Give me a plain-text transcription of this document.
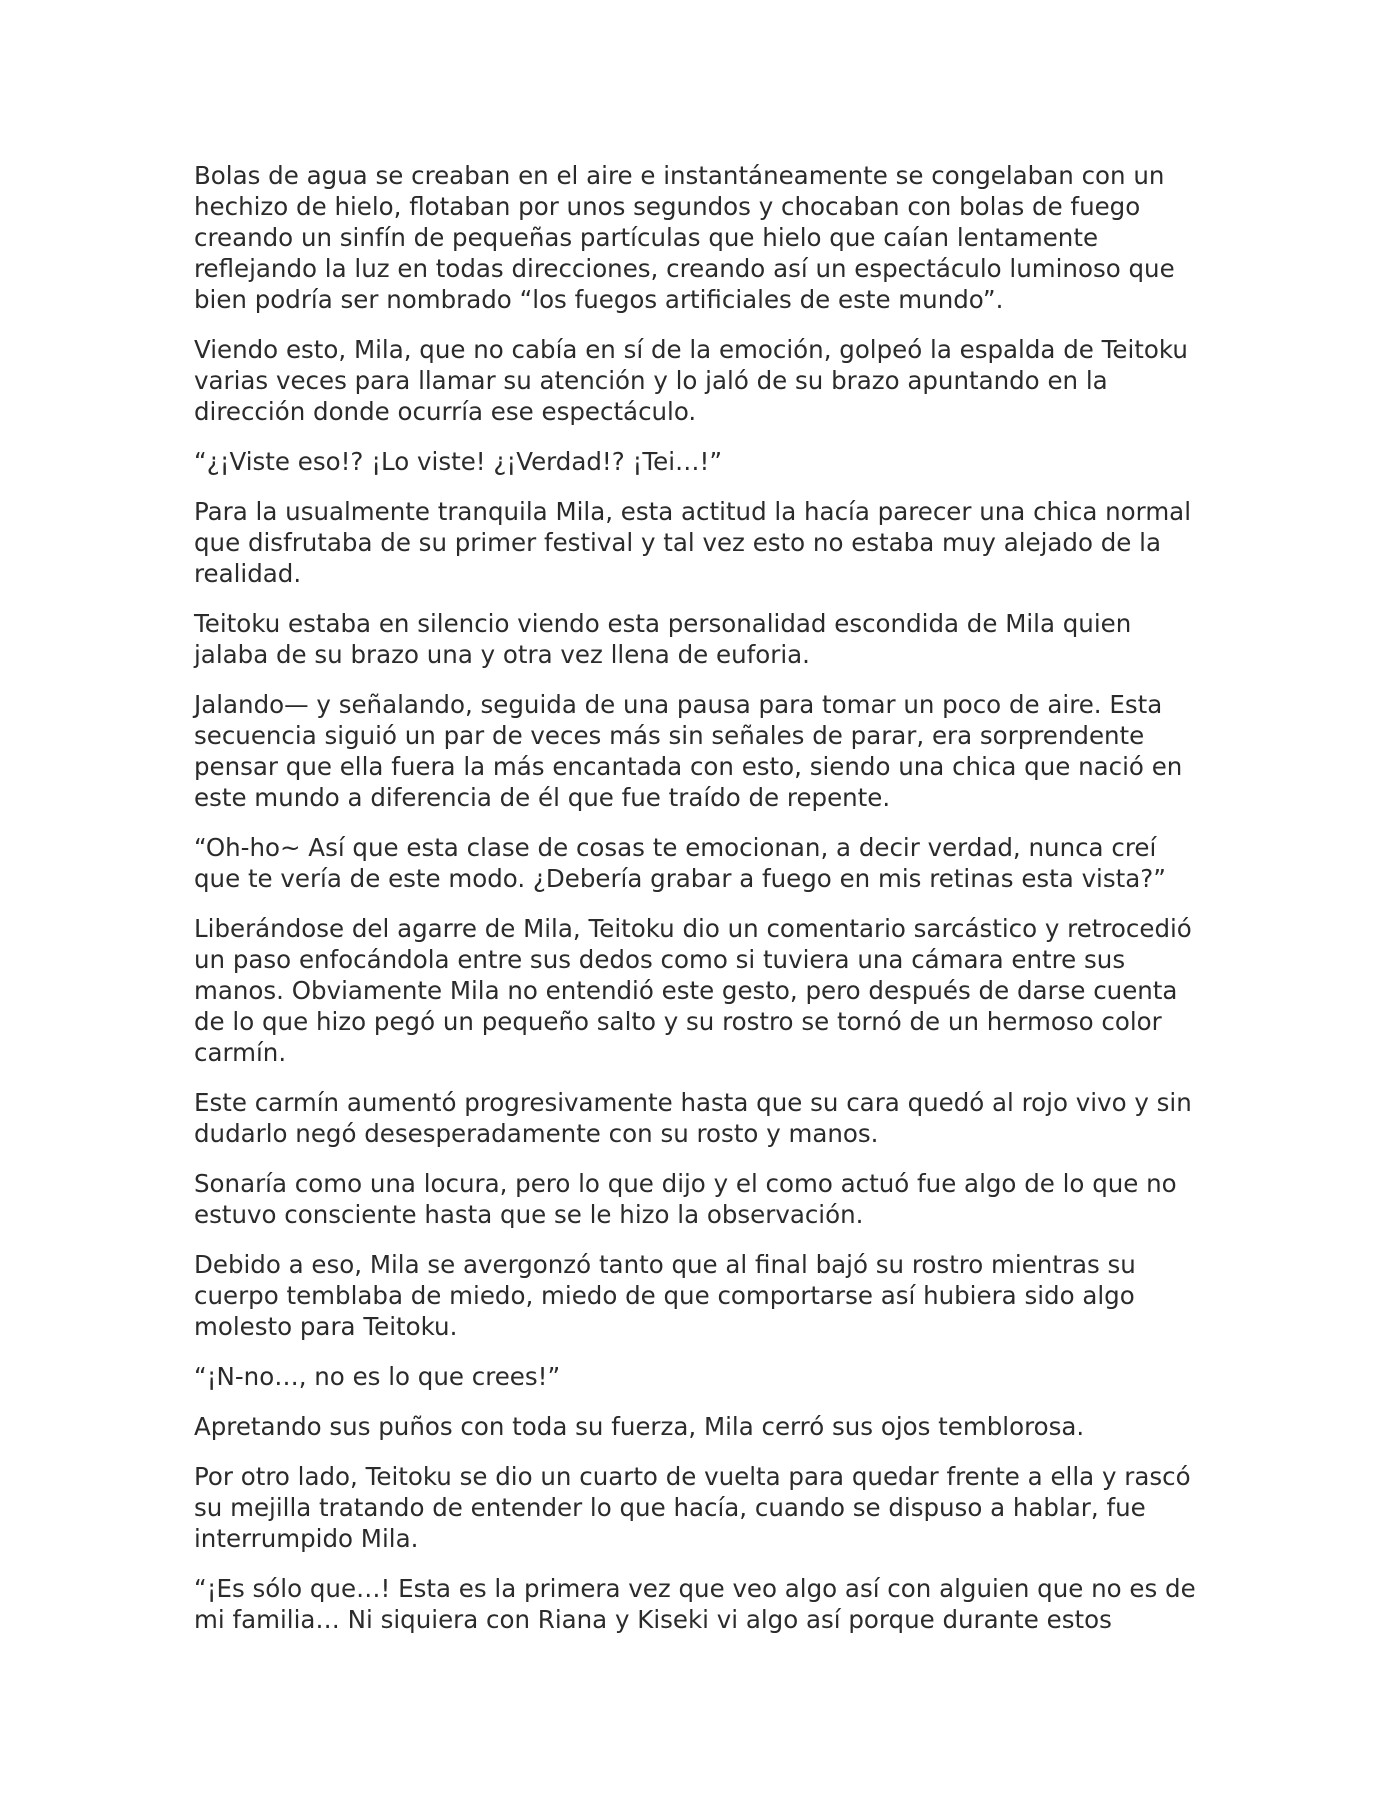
Bolas de agua se creaban en el aire e instantáneamente se congelaban con un hechizo de hielo, flotaban por unos segundos y chocaban con bolas de fuego creando un sinfín de pequeñas partículas que hielo que caían lentamente reflejando la luz en todas direcciones, creando así un espectáculo luminoso que bien podría ser nombrado “los fuegos artificiales de este mundo”.

Viendo esto, Mila, que no cabía en sí de la emoción, golpeó la espalda de Teitoku varias veces para llamar su atención y lo jaló de su brazo apuntando en la dirección donde ocurría ese espectáculo.

“¿¡Viste eso!? ¡Lo viste! ¿¡Verdad!? ¡Tei…!”

Para la usualmente tranquila Mila, esta actitud la hacía parecer una chica normal que disfrutaba de su primer festival y tal vez esto no estaba muy alejado de la realidad.

Teitoku estaba en silencio viendo esta personalidad escondida de Mila quien jalaba de su brazo una y otra vez llena de euforia.

Jalando— y señalando, seguida de una pausa para tomar un poco de aire. Esta secuencia siguió un par de veces más sin señales de parar, era sorprendente pensar que ella fuera la más encantada con esto, siendo una chica que nació en este mundo a diferencia de él que fue traído de repente.

“Oh-ho~ Así que esta clase de cosas te emocionan, a decir verdad, nunca creí que te vería de este modo. ¿Debería grabar a fuego en mis retinas esta vista?”

Liberándose del agarre de Mila, Teitoku dio un comentario sarcástico y retrocedió un paso enfocándola entre sus dedos como si tuviera una cámara entre sus manos. Obviamente Mila no entendió este gesto, pero después de darse cuenta de lo que hizo pegó un pequeño salto y su rostro se tornó de un hermoso color carmín.

Este carmín aumentó progresivamente hasta que su cara quedó al rojo vivo y sin dudarlo negó desesperadamente con su rosto y manos.

Sonaría como una locura, pero lo que dijo y el como actuó fue algo de lo que no estuvo consciente hasta que se le hizo la observación.

Debido a eso, Mila se avergonzó tanto que al final bajó su rostro mientras su cuerpo temblaba de miedo, miedo de que comportarse así hubiera sido algo molesto para Teitoku.

“¡N-no…, no es lo que crees!”

Apretando sus puños con toda su fuerza, Mila cerró sus ojos temblorosa.

Por otro lado, Teitoku se dio un cuarto de vuelta para quedar frente a ella y rascó su mejilla tratando de entender lo que hacía, cuando se dispuso a hablar, fue interrumpido Mila.

“¡Es sólo que…! Esta es la primera vez que veo algo así con alguien que no es de mi familia… Ni siquiera con Riana y Kiseki vi algo así porque durante estos
